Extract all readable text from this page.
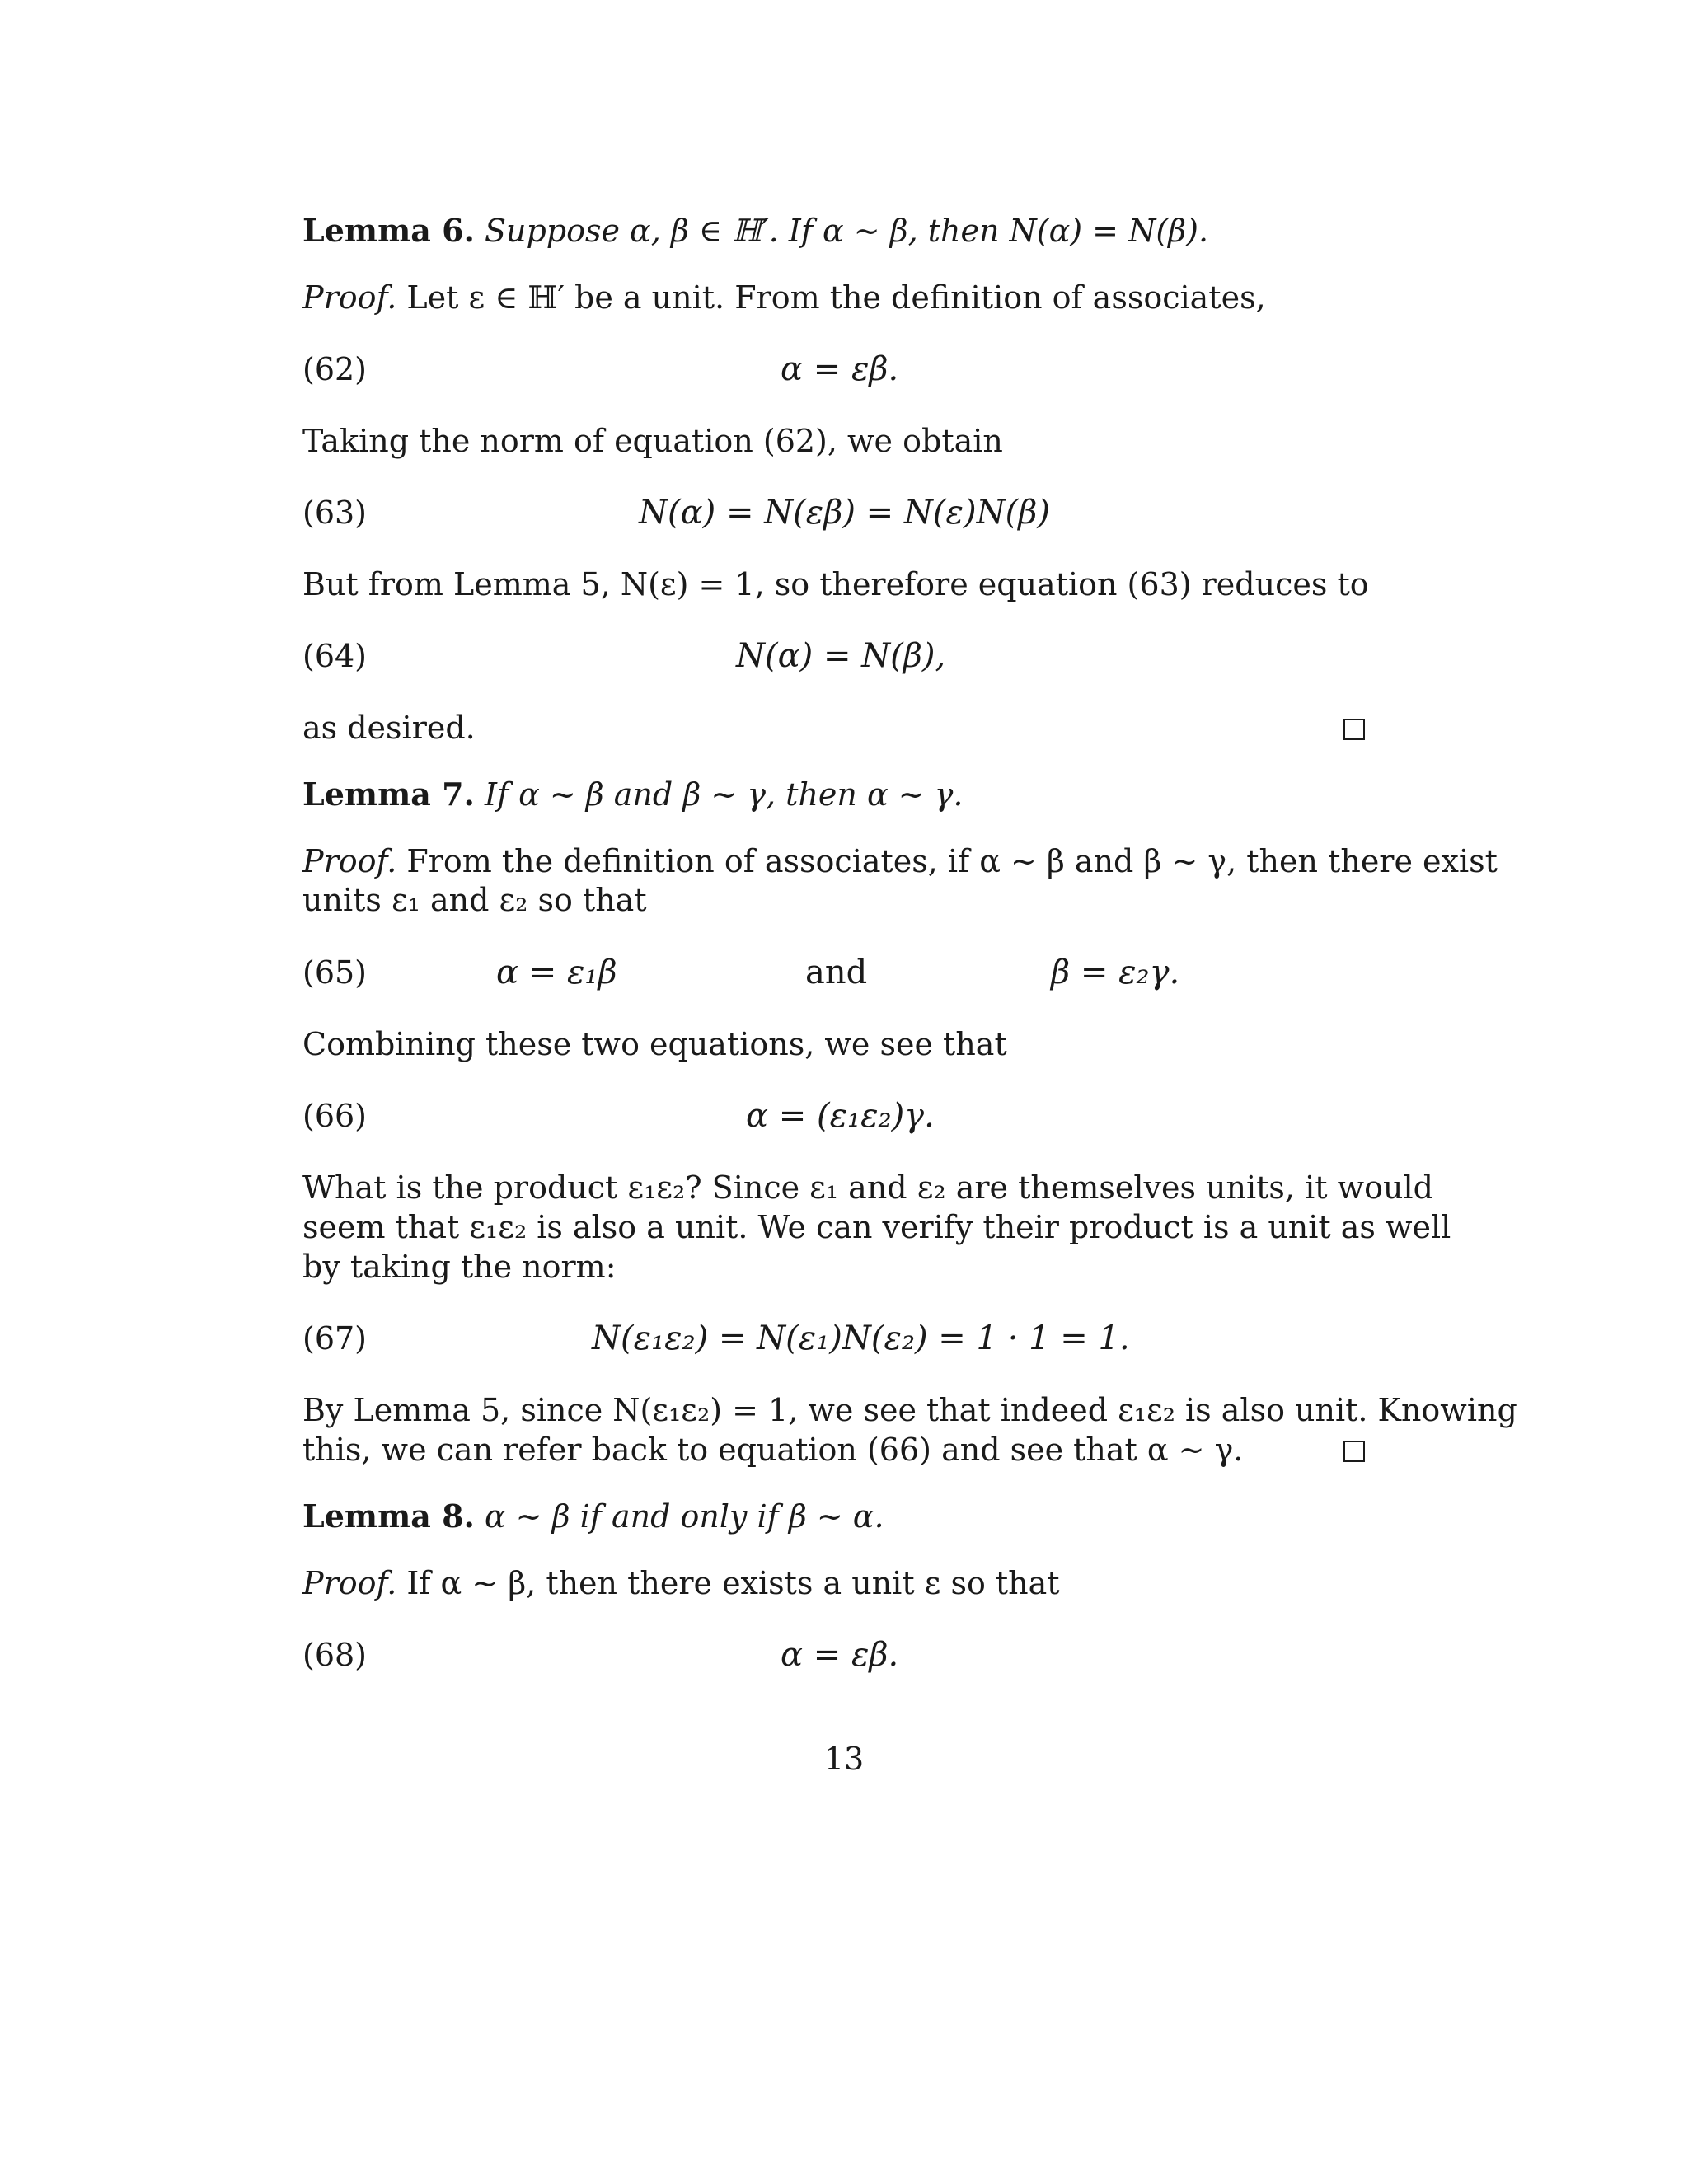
Lemma 6. Suppose α, β ∈ ℍ′. If α ∼ β, then N(α) = N(β).
Proof. Let ε ∈ ℍ′ be a unit. From the definition of associates,
(62)	α = εβ.
Taking the norm of equation (62), we obtain
(63)	N(α) = N(εβ) = N(ε)N(β)
But from Lemma 5, N(ε) = 1, so therefore equation (63) reduces to
(64)	N(α) = N(β),
as desired.
Lemma 7. If α ∼ β and β ∼ γ, then α ∼ γ.
Proof. From the definition of associates, if α ∼ β and β ∼ γ, then there exist
units ε₁ and ε₂ so that
(65)	α = ε₁β	and	β = ε₂γ.
Combining these two equations, we see that
(66)	α = (ε₁ε₂)γ.
What is the product ε₁ε₂? Since ε₁ and ε₂ are themselves units, it would
seem that ε₁ε₂ is also a unit. We can verify their product is a unit as well
by taking the norm:
(67)	N(ε₁ε₂) = N(ε₁)N(ε₂) = 1 · 1 = 1.
By Lemma 5, since N(ε₁ε₂) = 1, we see that indeed ε₁ε₂ is also unit. Knowing
this, we can refer back to equation (66) and see that α ∼ γ.
Lemma 8. α ∼ β if and only if β ∼ α.
Proof. If α ∼ β, then there exists a unit ε so that
(68)	α = εβ.
13
